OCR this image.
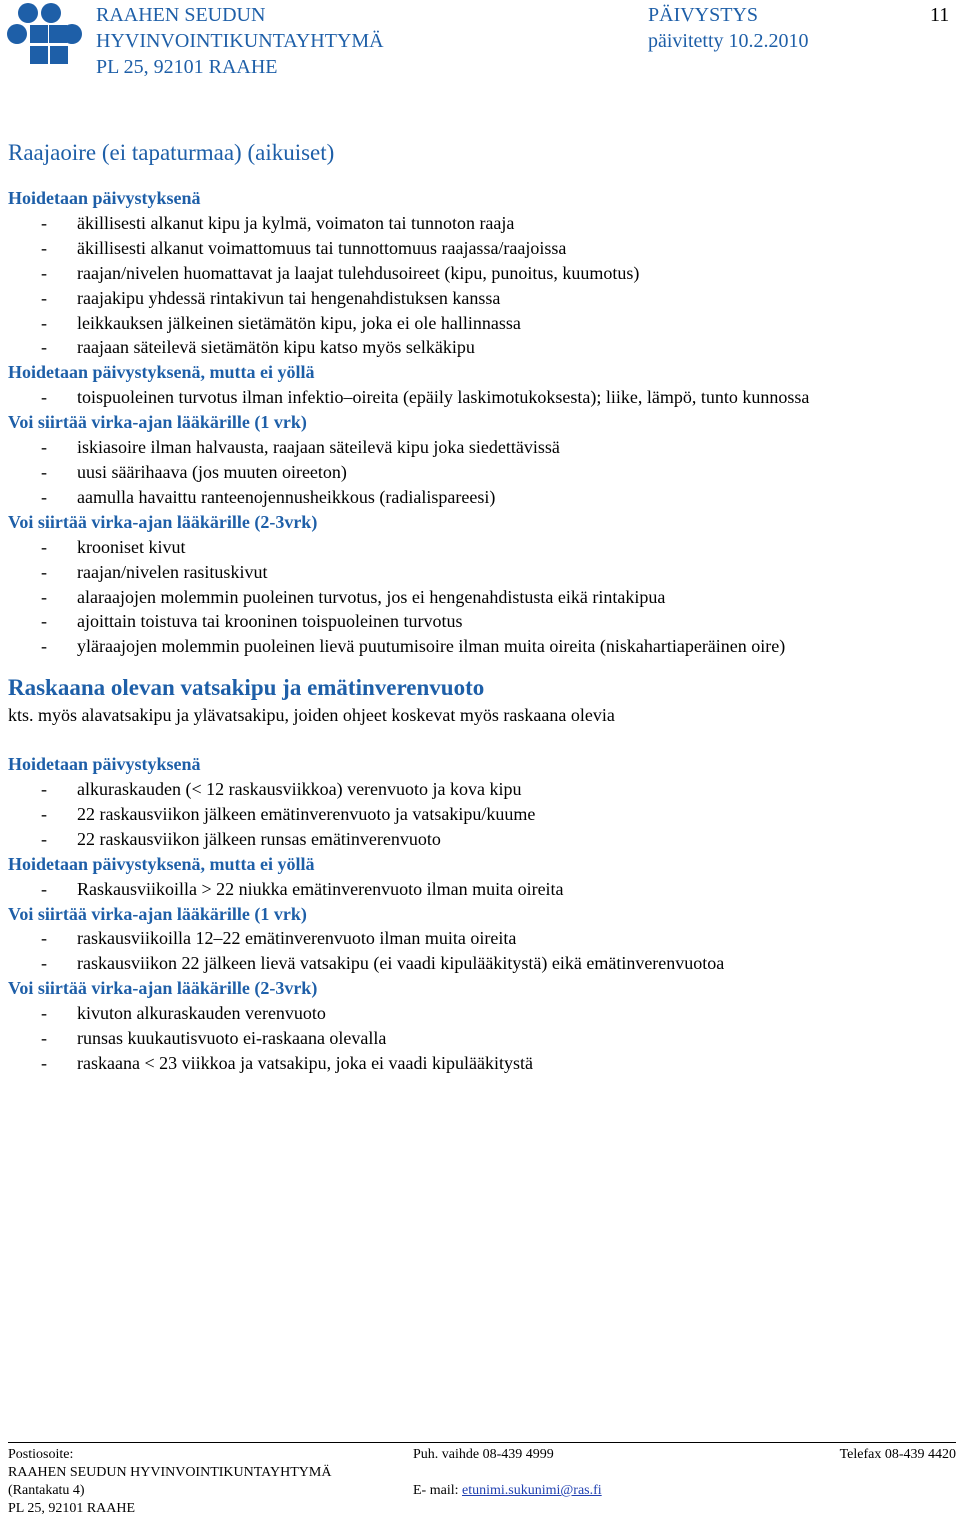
RAAHEN SEUDUN
HYVINVOINTIKUNTAYHTYMÄ
PL 25, 92101 RAAHE
PÄIVYSTYS
päivitetty 10.2.2010
11
Raajaoire (ei tapaturmaa) (aikuiset)
Hoidetaan päivystyksenä
- äkillisesti alkanut kipu ja kylmä, voimaton tai tunnoton raaja
- äkillisesti alkanut voimattomuus tai tunnottomuus raajassa/raajoissa
- raajan/nivelen huomattavat ja laajat tulehdusoireet (kipu, punoitus, kuumotus)
- raajakipu yhdessä rintakivun tai hengenahdistuksen kanssa
- leikkauksen jälkeinen sietämätön kipu, joka ei ole hallinnassa
- raajaan säteilevä sietämätön kipu katso myös selkäkipu
Hoidetaan päivystyksenä, mutta ei yöllä
- toispuoleinen turvotus ilman infektio–oireita (epäily laskimotukoksesta); liike, lämpö, tunto kunnossa
Voi siirtää virka-ajan lääkärille (1 vrk)
- iskiasoire ilman halvausta, raajaan säteilevä kipu joka siedettävissä
- uusi säärihaava (jos muuten oireeton)
- aamulla havaittu ranteenojennusheikkous (radialispareesi)
Voi siirtää virka-ajan lääkärille (2-3vrk)
- krooniset kivut
- raajan/nivelen rasituskivut
- alaraajojen molemmin puoleinen turvotus, jos ei hengenahdistusta eikä rintakipua
- ajoittain toistuva tai krooninen toispuoleinen turvotus
- yläraajojen molemmin puoleinen lievä puutumisoire ilman muita oireita (niskahartiaperäinen oire)
Raskaana olevan vatsakipu ja emätinverenvuoto
kts. myös alavatsakipu ja ylävatsakipu, joiden ohjeet koskevat myös raskaana olevia
Hoidetaan päivystyksenä
- alkuraskauden (< 12 raskausviikkoa) verenvuoto ja kova kipu
- 22 raskausviikon jälkeen emätinverenvuoto ja vatsakipu/kuume
- 22 raskausviikon jälkeen runsas emätinverenvuoto
Hoidetaan päivystyksenä, mutta ei yöllä
- Raskausviikoilla > 22 niukka emätinverenvuoto ilman muita oireita
Voi siirtää virka-ajan lääkärille (1 vrk)
- raskausviikoilla 12–22 emätinverenvuoto ilman muita oireita
- raskausviikon 22 jälkeen lievä vatsakipu (ei vaadi kipulääkitystä) eikä emätinverenvuotoa
Voi siirtää virka-ajan lääkärille (2-3vrk)
- kivuton alkuraskauden verenvuoto
- runsas kuukautisvuoto ei-raskaana olevalla
- raskaana < 23 viikkoa ja vatsakipu, joka ei vaadi kipulääkitystä
Postiosoite:
RAAHEN SEUDUN HYVINVOINTIKUNTAYHTYMÄ
(Rantakatu 4)
PL 25, 92101 RAAHE
Puh. vaihde 08-439 4999
E- mail: etunimi.sukunimi@ras.fi
Telefax 08-439 4420
